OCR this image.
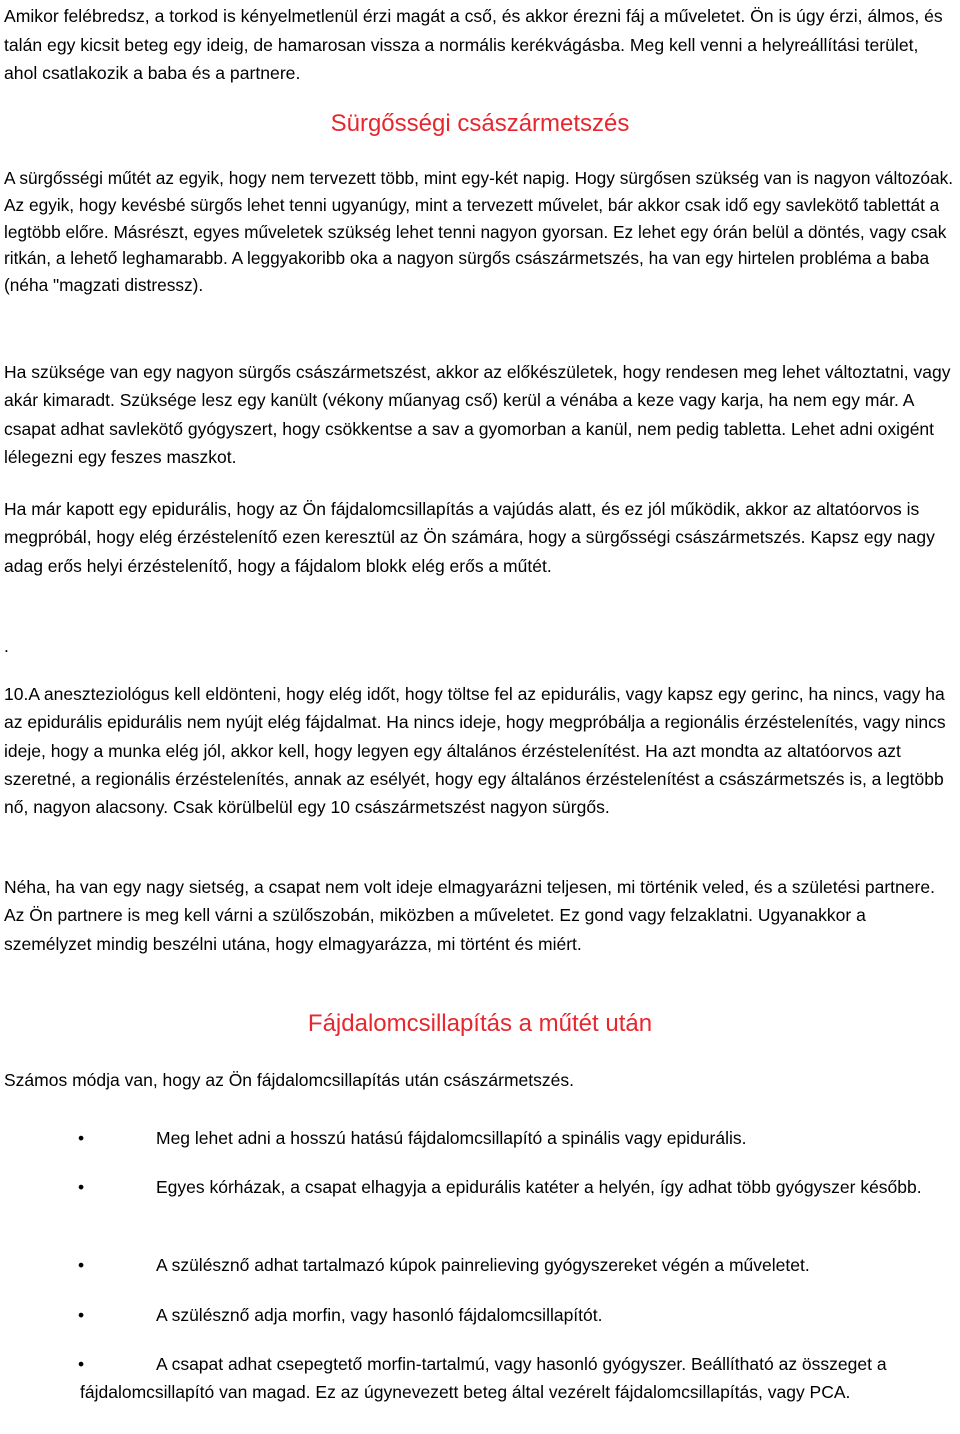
Amikor felébredsz, a torkod is kényelmetlenül érzi magát a cső, és akkor érezni fáj a műveletet. Ön is úgy érzi, álmos, és talán egy kicsit beteg egy ideig, de hamarosan vissza a normális kerékvágásba. Meg kell venni a helyreállítási terület, ahol csatlakozik a baba és a partnere.

Sürgősségi császármetszés

A sürgősségi műtét az egyik, hogy nem tervezett több, mint egy-két napig. Hogy sürgősen szükség van is nagyon változóak. Az egyik, hogy kevésbé sürgős lehet tenni ugyanúgy, mint a tervezett művelet, bár akkor csak idő egy savlekötő tablettát a legtöbb előre. Másrészt, egyes műveletek szükség lehet tenni nagyon gyorsan. Ez lehet egy órán belül a döntés, vagy csak ritkán, a lehető leghamarabb. A leggyakoribb oka a nagyon sürgős császármetszés, ha van egy hirtelen probléma a baba (néha "magzati distressz).

Ha szüksége van egy nagyon sürgős császármetszést, akkor az előkészületek, hogy rendesen meg lehet változtatni, vagy akár kimaradt. Szüksége lesz egy kanült (vékony műanyag cső) kerül a vénába a keze vagy karja, ha nem egy már. A csapat adhat savlekötő gyógyszert, hogy csökkentse a sav a gyomorban a kanül, nem pedig tabletta. Lehet adni oxigént lélegezni egy feszes maszkot.

Ha már kapott egy epidurális, hogy az Ön fájdalomcsillapítás a vajúdás alatt, és ez jól működik, akkor az altatóorvos is megpróbál, hogy elég érzéstelenítő ezen keresztül az Ön számára, hogy a sürgősségi császármetszés. Kapsz egy nagy adag erős helyi érzéstelenítő, hogy a fájdalom blokk elég erős a műtét.

.

10.A aneszteziológus kell eldönteni, hogy elég időt, hogy töltse fel az epidurális, vagy kapsz egy gerinc, ha nincs, vagy ha az epidurális epidurális nem nyújt elég fájdalmat. Ha nincs ideje, hogy megpróbálja a regionális érzéstelenítés, vagy nincs ideje, hogy a munka elég jól, akkor kell, hogy legyen egy általános érzéstelenítést. Ha azt mondta az altatóorvos azt szeretné, a regionális érzéstelenítés, annak az esélyét, hogy egy általános érzéstelenítést a császármetszés is, a legtöbb nő, nagyon alacsony. Csak körülbelül egy 10 császármetszést nagyon sürgős.

Néha, ha van egy nagy sietség, a csapat nem volt ideje elmagyarázni teljesen, mi történik veled, és a születési partnere. Az Ön partnere is meg kell várni a szülőszobán, miközben a műveletet. Ez gond vagy felzaklatni. Ugyanakkor a személyzet mindig beszélni utána, hogy elmagyarázza, mi történt és miért.

Fájdalomcsillapítás a műtét után

Számos módja van, hogy az Ön fájdalomcsillapítás után császármetszés.

•	Meg lehet adni a hosszú hatású fájdalomcsillapító a spinális vagy epidurális.
•	Egyes kórházak, a csapat elhagyja a epidurális katéter a helyén, így adhat több gyógyszer később.
•	A szülésznő adhat tartalmazó kúpok painrelieving gyógyszereket végén a műveletet.
•	A szülésznő adja morfin, vagy hasonló fájdalomcsillapítót.
•	A csapat adhat csepegtető morfin-tartalmú, vagy hasonló gyógyszer. Beállítható az összeget a fájdalomcsillapító van magad. Ez az úgynevezett beteg által vezérelt fájdalomcsillapítás, vagy PCA.
